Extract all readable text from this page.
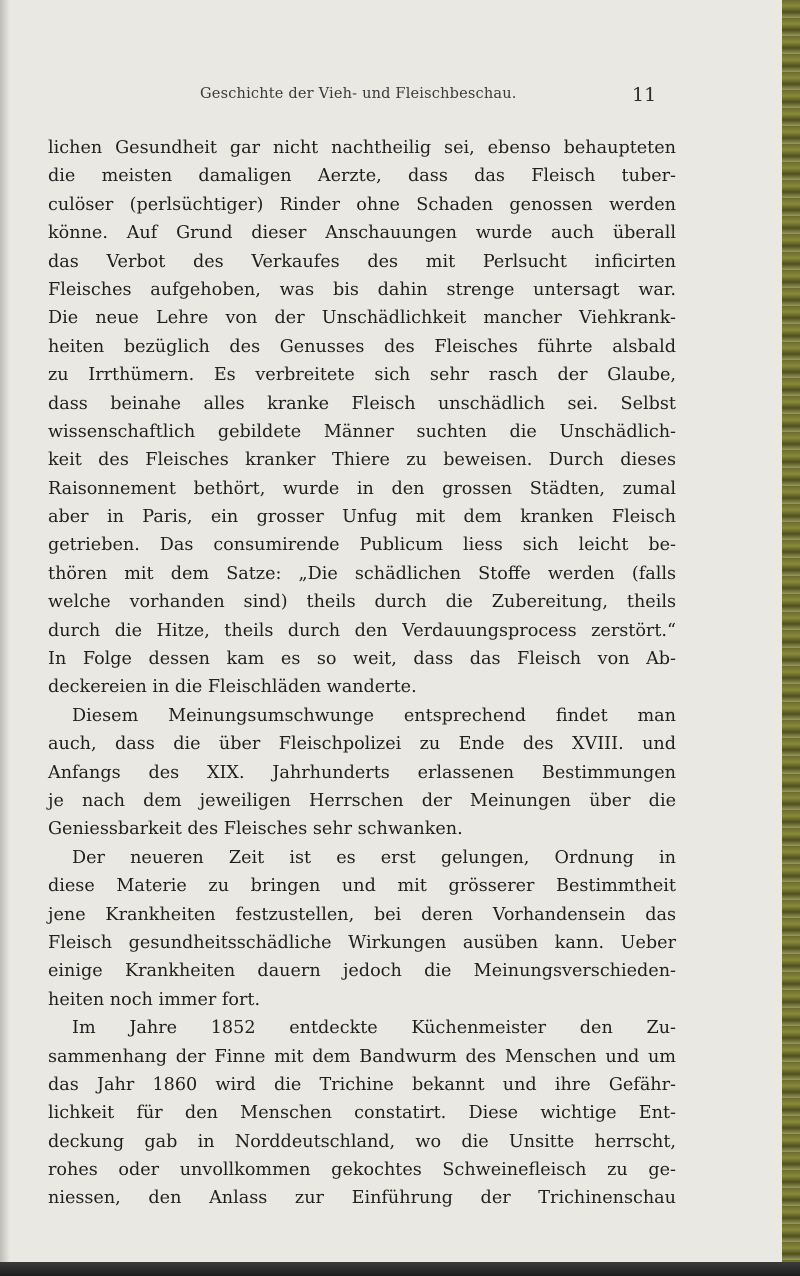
Geschichte der Vieh- und Fleischbeschau.	11
lichen Gesundheit gar nicht nachtheilig sei, ebenso behaupteten
die meisten damaligen Aerzte, dass das Fleisch tuber-
culöser (perlsüchtiger) Rinder ohne Schaden genossen werden
könne. Auf Grund dieser Anschauungen wurde auch überall
das Verbot des Verkaufes des mit Perlsucht inficirten
Fleisches aufgehoben, was bis dahin strenge untersagt war.
Die neue Lehre von der Unschädlichkeit mancher Viehkrank-
heiten bezüglich des Genusses des Fleisches führte alsbald
zu Irrthümern. Es verbreitete sich sehr rasch der Glaube,
dass beinahe alles kranke Fleisch unschädlich sei. Selbst
wissenschaftlich gebildete Männer suchten die Unschädlich-
keit des Fleisches kranker Thiere zu beweisen. Durch dieses
Raisonnement bethört, wurde in den grossen Städten, zumal
aber in Paris, ein grosser Unfug mit dem kranken Fleisch
getrieben. Das consumirende Publicum liess sich leicht be-
thören mit dem Satze: „Die schädlichen Stoffe werden (falls
welche vorhanden sind) theils durch die Zubereitung, theils
durch die Hitze, theils durch den Verdauungsprocess zerstört.“
In Folge dessen kam es so weit, dass das Fleisch von Ab-
deckereien in die Fleischläden wanderte.
Diesem Meinungsumschwunge entsprechend findet man
auch, dass die über Fleischpolizei zu Ende des XVIII. und
Anfangs des XIX. Jahrhunderts erlassenen Bestimmungen
je nach dem jeweiligen Herrschen der Meinungen über die
Geniessbarkeit des Fleisches sehr schwanken.
Der neueren Zeit ist es erst gelungen, Ordnung in
diese Materie zu bringen und mit grösserer Bestimmtheit
jene Krankheiten festzustellen, bei deren Vorhandensein das
Fleisch gesundheitsschädliche Wirkungen ausüben kann. Ueber
einige Krankheiten dauern jedoch die Meinungsverschieden-
heiten noch immer fort.
Im Jahre 1852 entdeckte Küchenmeister den Zu-
sammenhang der Finne mit dem Bandwurm des Menschen und um
das Jahr 1860 wird die Trichine bekannt und ihre Gefähr-
lichkeit für den Menschen constatirt. Diese wichtige Ent-
deckung gab in Norddeutschland, wo die Unsitte herrscht,
rohes oder unvollkommen gekochtes Schweinefleisch zu ge-
niessen, den Anlass zur Einführung der Trichinenschau
